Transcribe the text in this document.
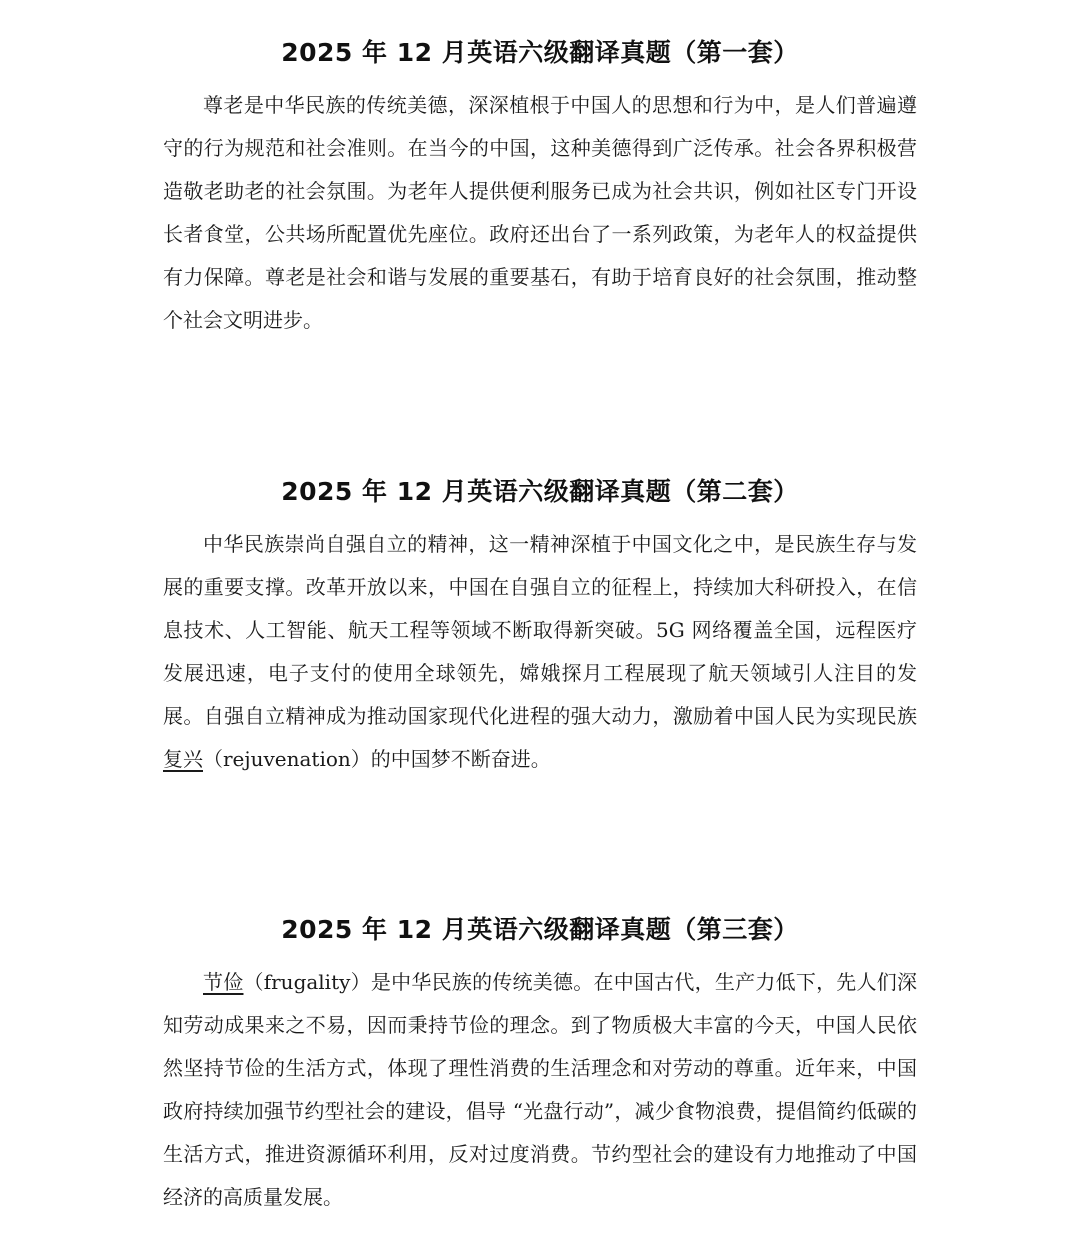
2025 年 12 月英语六级翻译真题（第一套）

尊老是中华民族的传统美德，深深植根于中国人的思想和行为中，是人们普遍遵守的行为规范和社会准则。在当今的中国，这种美德得到广泛传承。社会各界积极营造敬老助老的社会氛围。为老年人提供便利服务已成为社会共识，例如社区专门开设长者食堂，公共场所配置优先座位。政府还出台了一系列政策，为老年人的权益提供有力保障。尊老是社会和谐与发展的重要基石，有助于培育良好的社会氛围，推动整个社会文明进步。

2025 年 12 月英语六级翻译真题（第二套）

中华民族崇尚自强自立的精神，这一精神深植于中国文化之中，是民族生存与发展的重要支撑。改革开放以来，中国在自强自立的征程上，持续加大科研投入，在信息技术、人工智能、航天工程等领域不断取得新突破。5G 网络覆盖全国，远程医疗发展迅速，电子支付的使用全球领先，嫦娥探月工程展现了航天领域引人注目的发展。自强自立精神成为推动国家现代化进程的强大动力，激励着中国人民为实现民族复兴（rejuvenation）的中国梦不断奋进。

2025 年 12 月英语六级翻译真题（第三套）

节俭（frugality）是中华民族的传统美德。在中国古代，生产力低下，先人们深知劳动成果来之不易，因而秉持节俭的理念。到了物质极大丰富的今天，中国人民依然坚持节俭的生活方式，体现了理性消费的生活理念和对劳动的尊重。近年来，中国政府持续加强节约型社会的建设，倡导 “光盘行动”，减少食物浪费，提倡简约低碳的生活方式，推进资源循环利用，反对过度消费。节约型社会的建设有力地推动了中国经济的高质量发展。
